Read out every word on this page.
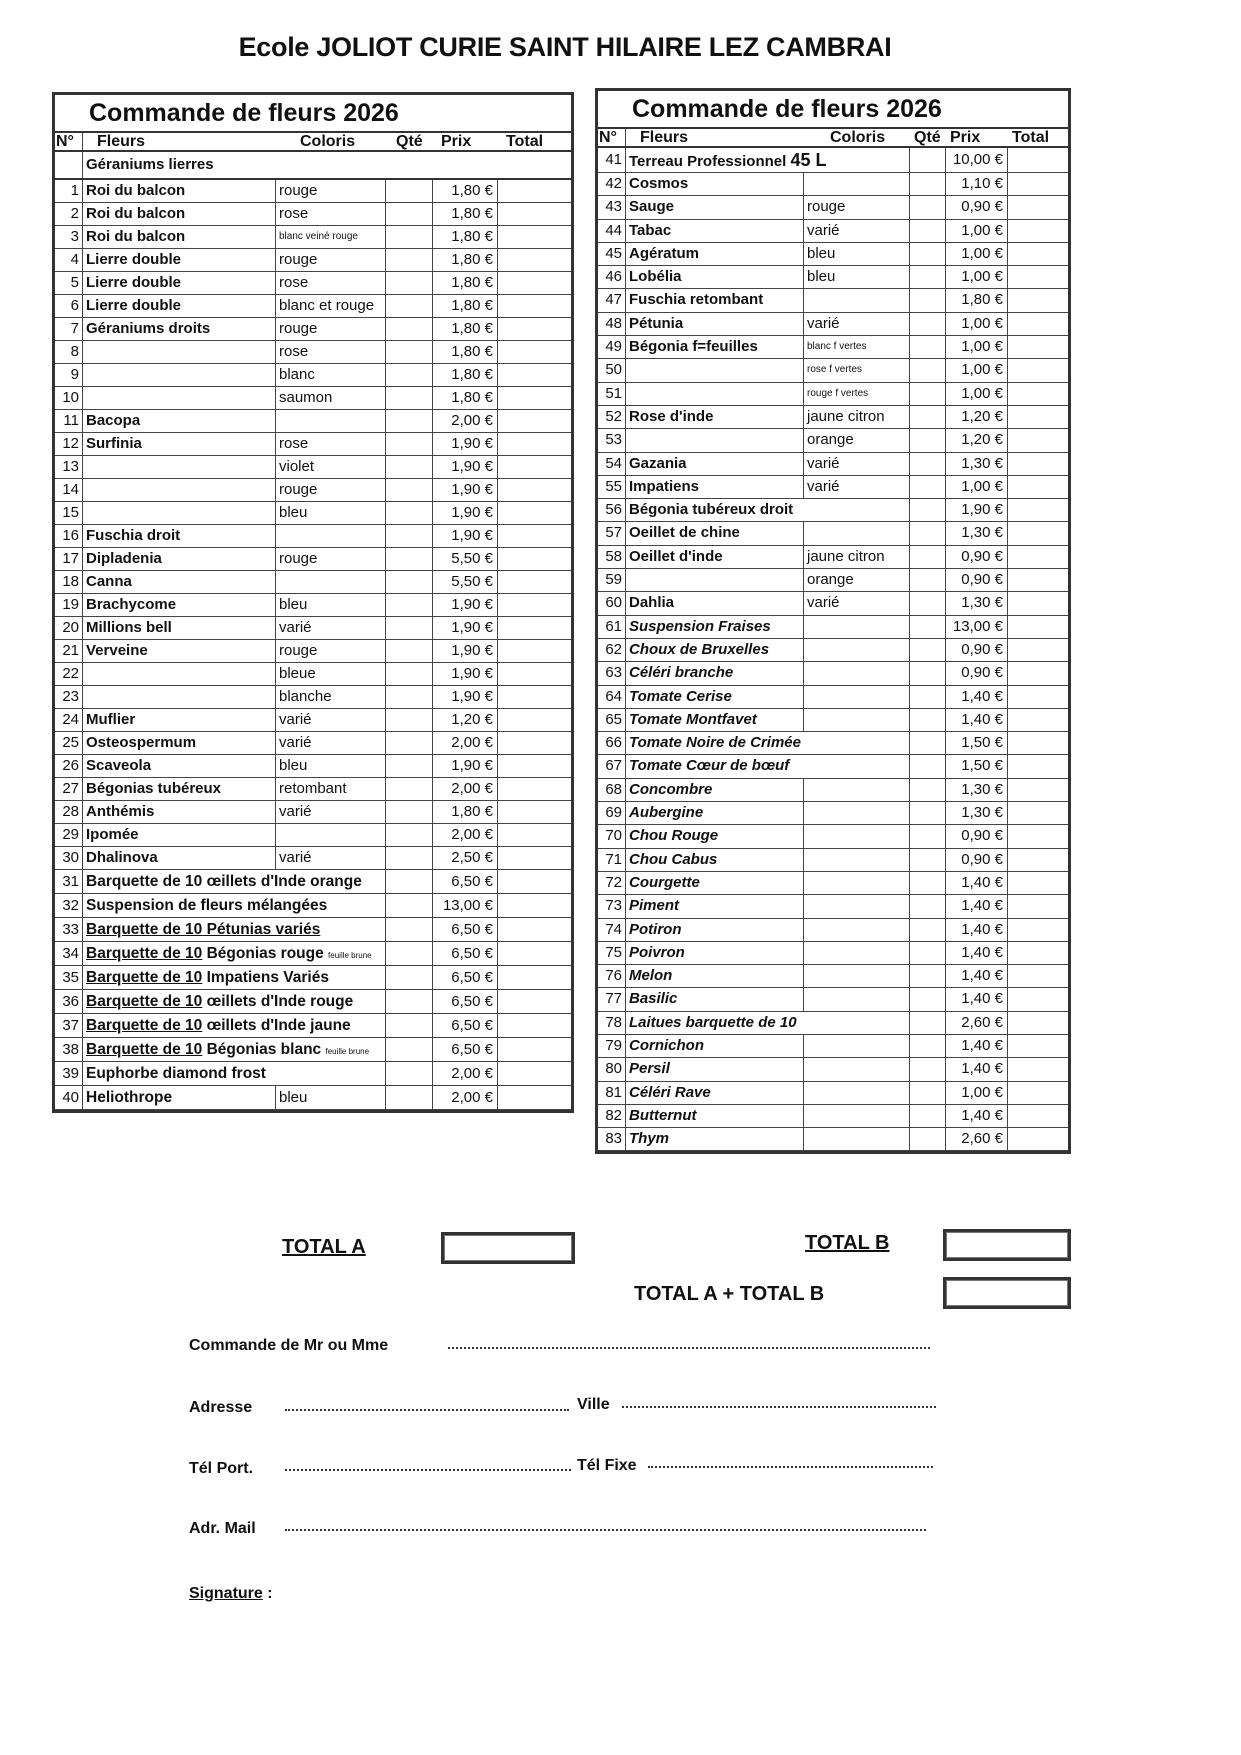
Ecole JOLIOT CURIE SAINT HILAIRE LEZ CAMBRAI
Commande de fleurs 2026
N°	Fleurs	Coloris	Qté	Prix	Total
Géraniums lierres
1 Roi du balcon	rouge	1,80 €
2 Roi du balcon	rose	1,80 €
3 Roi du balcon	blanc veiné rouge	1,80 €
4 Lierre double	rouge	1,80 €
5 Lierre double	rose	1,80 €
6 Lierre double	blanc et rouge	1,80 €
7 Géraniums droits	rouge	1,80 €
8	rose	1,80 €
9	blanc	1,80 €
10	saumon	1,80 €
11 Bacopa	2,00 €
12 Surfinia	rose	1,90 €
13	violet	1,90 €
14	rouge	1,90 €
15	bleu	1,90 €
16 Fuschia droit	1,90 €
17 Dipladenia	rouge	5,50 €
18 Canna	5,50 €
19 Brachycome	bleu	1,90 €
20 Millions bell	varié	1,90 €
21 Verveine	rouge	1,90 €
22	bleue	1,90 €
23	blanche	1,90 €
24 Muflier	varié	1,20 €
25 Osteospermum	varié	2,00 €
26 Scaveola	bleu	1,90 €
27 Bégonias tubéreux	retombant	2,00 €
28 Anthémis	varié	1,80 €
29 Ipomée	2,00 €
30 Dhalinova	varié	2,50 €
31 Barquette de 10 œillets d'Inde orange	6,50 €
32 Suspension de fleurs mélangées	13,00 €
33 Barquette de 10 Pétunias variés	6,50 €
34 Barquette de 10 Bégonias rouge feuille brune	6,50 €
35 Barquette de 10 Impatiens Variés	6,50 €
36 Barquette de 10 œillets d'Inde rouge	6,50 €
37 Barquette de 10 œillets d'Inde jaune	6,50 €
38 Barquette de 10 Bégonias blanc feuille brune	6,50 €
39 Euphorbe diamond frost	2,00 €
40 Heliothrope	bleu	2,00 €
Commande de fleurs 2026
N°	Fleurs	Coloris	Qté Prix	Total
41 Terreau Professionnel 45 L	10,00 €
42 Cosmos	1,10 €
43 Sauge	rouge	0,90 €
44 Tabac	varié	1,00 €
45 Agératum	bleu	1,00 €
46 Lobélia	bleu	1,00 €
47 Fuschia retombant	1,80 €
48 Pétunia	varié	1,00 €
49 Bégonia f=feuilles	blanc f vertes	1,00 €
50	rose f vertes	1,00 €
51	rouge f vertes	1,00 €
52 Rose d'inde	jaune citron	1,20 €
53	orange	1,20 €
54 Gazania	varié	1,30 €
55 Impatiens	varié	1,00 €
56 Bégonia tubéreux droit	1,90 €
57 Oeillet de chine	1,30 €
58 Oeillet d'inde	jaune citron	0,90 €
59	orange	0,90 €
60 Dahlia	varié	1,30 €
61 Suspension Fraises	13,00 €
62 Choux de Bruxelles	0,90 €
63 Céléri branche	0,90 €
64 Tomate Cerise	1,40 €
65 Tomate Montfavet	1,40 €
66 Tomate Noire de Crimée	1,50 €
67 Tomate Cœur de bœuf	1,50 €
68 Concombre	1,30 €
69 Aubergine	1,30 €
70 Chou Rouge	0,90 €
71 Chou Cabus	0,90 €
72 Courgette	1,40 €
73 Piment	1,40 €
74 Potiron	1,40 €
75 Poivron	1,40 €
76 Melon	1,40 €
77 Basilic	1,40 €
78 Laitues barquette de 10	2,60 €
79 Cornichon	1,40 €
80 Persil	1,40 €
81 Céléri Rave	1,00 €
82 Butternut	1,40 €
83 Thym	2,60 €
TOTAL A	TOTAL B
TOTAL A + TOTAL B
Commande de Mr ou Mme
Adresse	Ville
Tél Port.	Tél Fixe
Adr. Mail
Signature :
